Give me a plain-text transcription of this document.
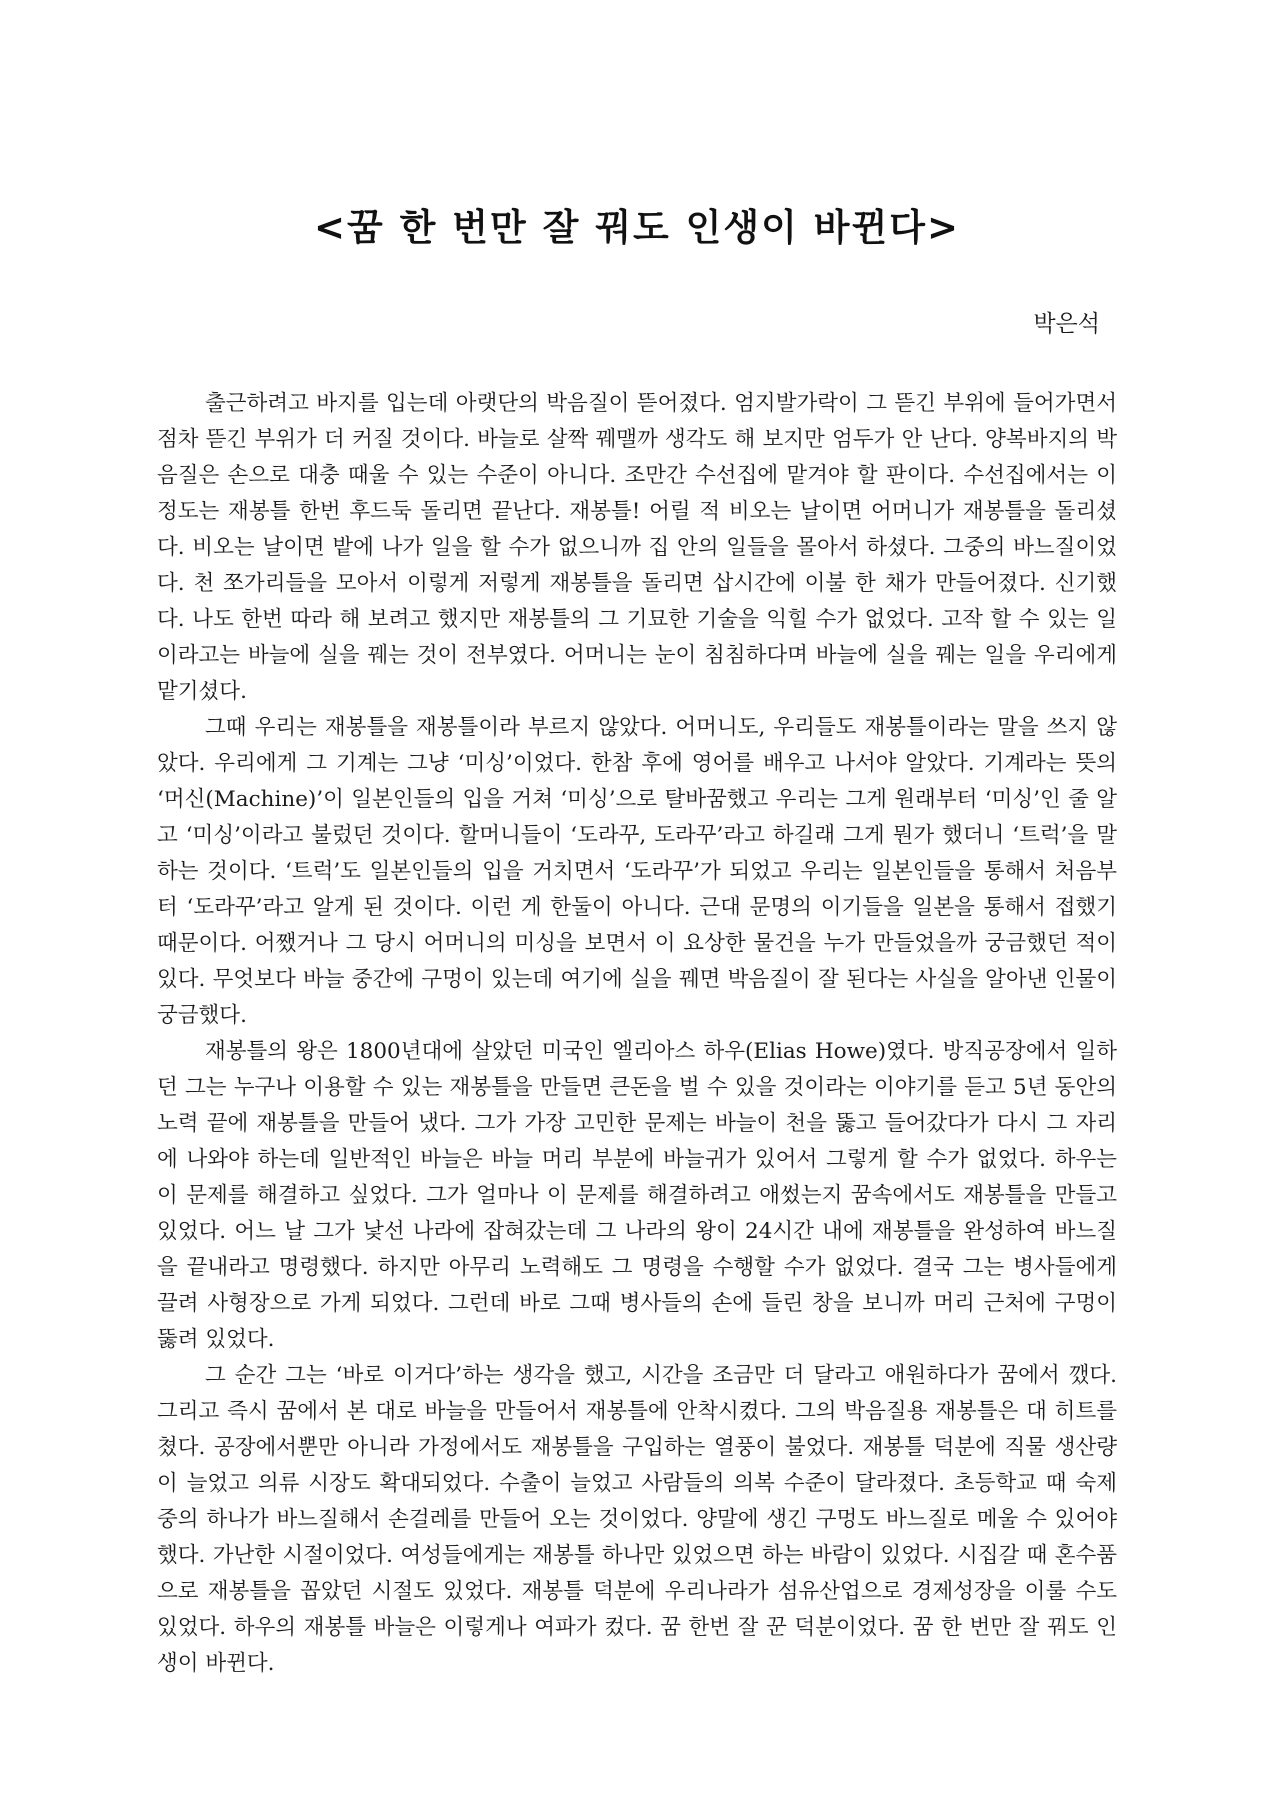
<꿈 한 번만 잘 꿔도 인생이 바뀐다>
박은석

출근하려고 바지를 입는데 아랫단의 박음질이 뜯어졌다. 엄지발가락이 그 뜯긴 부위에 들어가면서 점차 뜯긴 부위가 더 커질 것이다. 바늘로 살짝 꿰맬까 생각도 해 보지만 엄두가 안 난다. 양복바지의 박음질은 손으로 대충 때울 수 있는 수준이 아니다. 조만간 수선집에 맡겨야 할 판이다. 수선집에서는 이 정도는 재봉틀 한번 후드둑 돌리면 끝난다. 재봉틀! 어릴 적 비오는 날이면 어머니가 재봉틀을 돌리셨다. 비오는 날이면 밭에 나가 일을 할 수가 없으니까 집 안의 일들을 몰아서 하셨다. 그중의 바느질이었다. 천 쪼가리들을 모아서 이렇게 저렇게 재봉틀을 돌리면 삽시간에 이불 한 채가 만들어졌다. 신기했다. 나도 한번 따라 해 보려고 했지만 재봉틀의 그 기묘한 기술을 익힐 수가 없었다. 고작 할 수 있는 일이라고는 바늘에 실을 꿰는 것이 전부였다. 어머니는 눈이 침침하다며 바늘에 실을 꿰는 일을 우리에게 맡기셨다.

그때 우리는 재봉틀을 재봉틀이라 부르지 않았다. 어머니도, 우리들도 재봉틀이라는 말을 쓰지 않았다. 우리에게 그 기계는 그냥 ‘미싱’이었다. 한참 후에 영어를 배우고 나서야 알았다. 기계라는 뜻의 ‘머신(Machine)’이 일본인들의 입을 거쳐 ‘미싱’으로 탈바꿈했고 우리는 그게 원래부터 ‘미싱’인 줄 알고 ‘미싱’이라고 불렀던 것이다. 할머니들이 ‘도라꾸, 도라꾸’라고 하길래 그게 뭔가 했더니 ‘트럭’을 말하는 것이다. ‘트럭’도 일본인들의 입을 거치면서 ‘도라꾸’가 되었고 우리는 일본인들을 통해서 처음부터 ‘도라꾸’라고 알게 된 것이다. 이런 게 한둘이 아니다. 근대 문명의 이기들을 일본을 통해서 접했기 때문이다. 어쨌거나 그 당시 어머니의 미싱을 보면서 이 요상한 물건을 누가 만들었을까 궁금했던 적이 있다. 무엇보다 바늘 중간에 구멍이 있는데 여기에 실을 꿰면 박음질이 잘 된다는 사실을 알아낸 인물이 궁금했다.

재봉틀의 왕은 1800년대에 살았던 미국인 엘리아스 하우(Elias Howe)였다. 방직공장에서 일하던 그는 누구나 이용할 수 있는 재봉틀을 만들면 큰돈을 벌 수 있을 것이라는 이야기를 듣고 5년 동안의 노력 끝에 재봉틀을 만들어 냈다. 그가 가장 고민한 문제는 바늘이 천을 뚫고 들어갔다가 다시 그 자리에 나와야 하는데 일반적인 바늘은 바늘 머리 부분에 바늘귀가 있어서 그렇게 할 수가 없었다. 하우는 이 문제를 해결하고 싶었다. 그가 얼마나 이 문제를 해결하려고 애썼는지 꿈속에서도 재봉틀을 만들고 있었다. 어느 날 그가 낯선 나라에 잡혀갔는데 그 나라의 왕이 24시간 내에 재봉틀을 완성하여 바느질을 끝내라고 명령했다. 하지만 아무리 노력해도 그 명령을 수행할 수가 없었다. 결국 그는 병사들에게 끌려 사형장으로 가게 되었다. 그런데 바로 그때 병사들의 손에 들린 창을 보니까 머리 근처에 구멍이 뚫려 있었다.

그 순간 그는 ‘바로 이거다’하는 생각을 했고, 시간을 조금만 더 달라고 애원하다가 꿈에서 깼다. 그리고 즉시 꿈에서 본 대로 바늘을 만들어서 재봉틀에 안착시켰다. 그의 박음질용 재봉틀은 대 히트를 쳤다. 공장에서뿐만 아니라 가정에서도 재봉틀을 구입하는 열풍이 불었다. 재봉틀 덕분에 직물 생산량이 늘었고 의류 시장도 확대되었다. 수출이 늘었고 사람들의 의복 수준이 달라졌다. 초등학교 때 숙제 중의 하나가 바느질해서 손걸레를 만들어 오는 것이었다. 양말에 생긴 구멍도 바느질로 메울 수 있어야 했다. 가난한 시절이었다. 여성들에게는 재봉틀 하나만 있었으면 하는 바람이 있었다. 시집갈 때 혼수품으로 재봉틀을 꼽았던 시절도 있었다. 재봉틀 덕분에 우리나라가 섬유산업으로 경제성장을 이룰 수도 있었다. 하우의 재봉틀 바늘은 이렇게나 여파가 컸다. 꿈 한번 잘 꾼 덕분이었다. 꿈 한 번만 잘 꿔도 인생이 바뀐다.
